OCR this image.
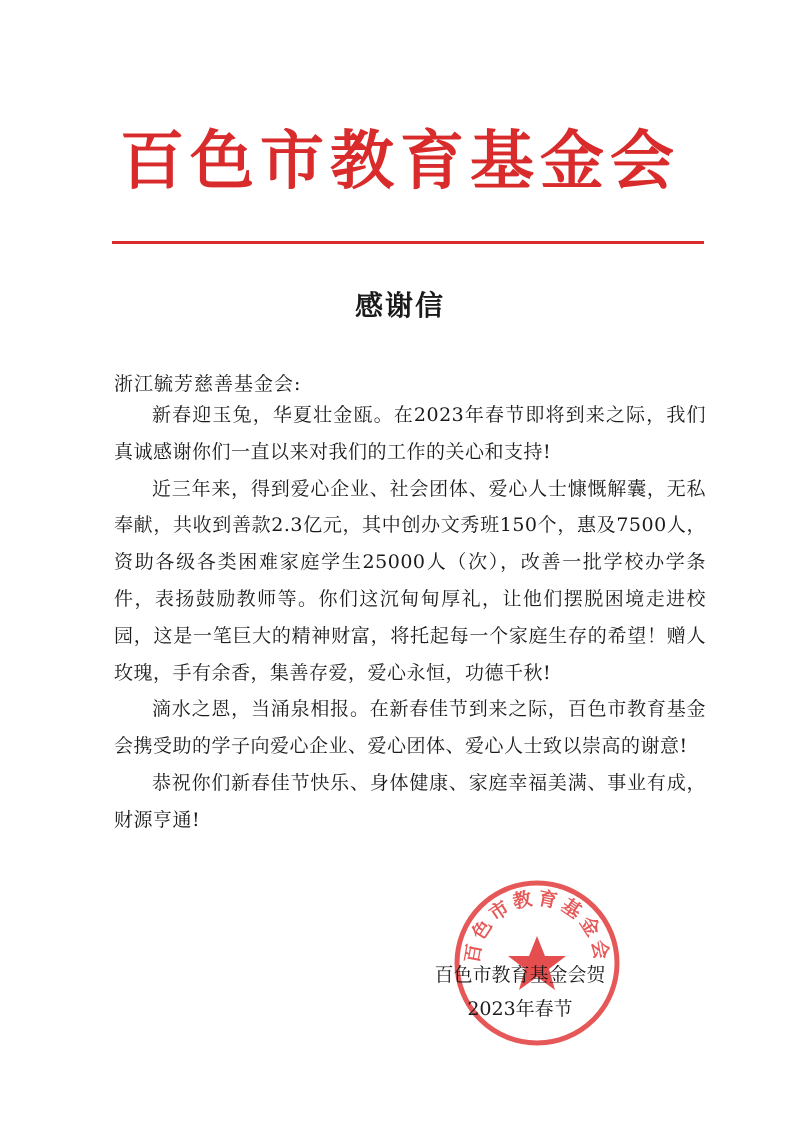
百色市教育基金会
感谢信
浙江毓芳慈善基金会:

新春迎玉兔，华夏壮金瓯。在2023年春节即将到来之际，我们真诚感谢你们一直以来对我们的工作的关心和支持!

近三年来，得到爱心企业、社会团体、爱心人士慷慨解囊，无私奉献，共收到善款2.3亿元，其中创办文秀班150个，惠及7500人，资助各级各类困难家庭学生25000人（次），改善一批学校办学条件，表扬鼓励教师等。你们这沉甸甸厚礼，让他们摆脱困境走进校园，这是一笔巨大的精神财富，将托起每一个家庭生存的希望！赠人玫瑰，手有余香，集善存爱，爱心永恒，功德千秋!

滴水之恩，当涌泉相报。在新春佳节到来之际，百色市教育基金会携受助的学子向爱心企业、爱心团体、爱心人士致以崇高的谢意!

恭祝你们新春佳节快乐、身体健康、家庭幸福美满、事业有成，财源亨通!

百色市教育基金会
百色市教育基金会贺
2023年春节
